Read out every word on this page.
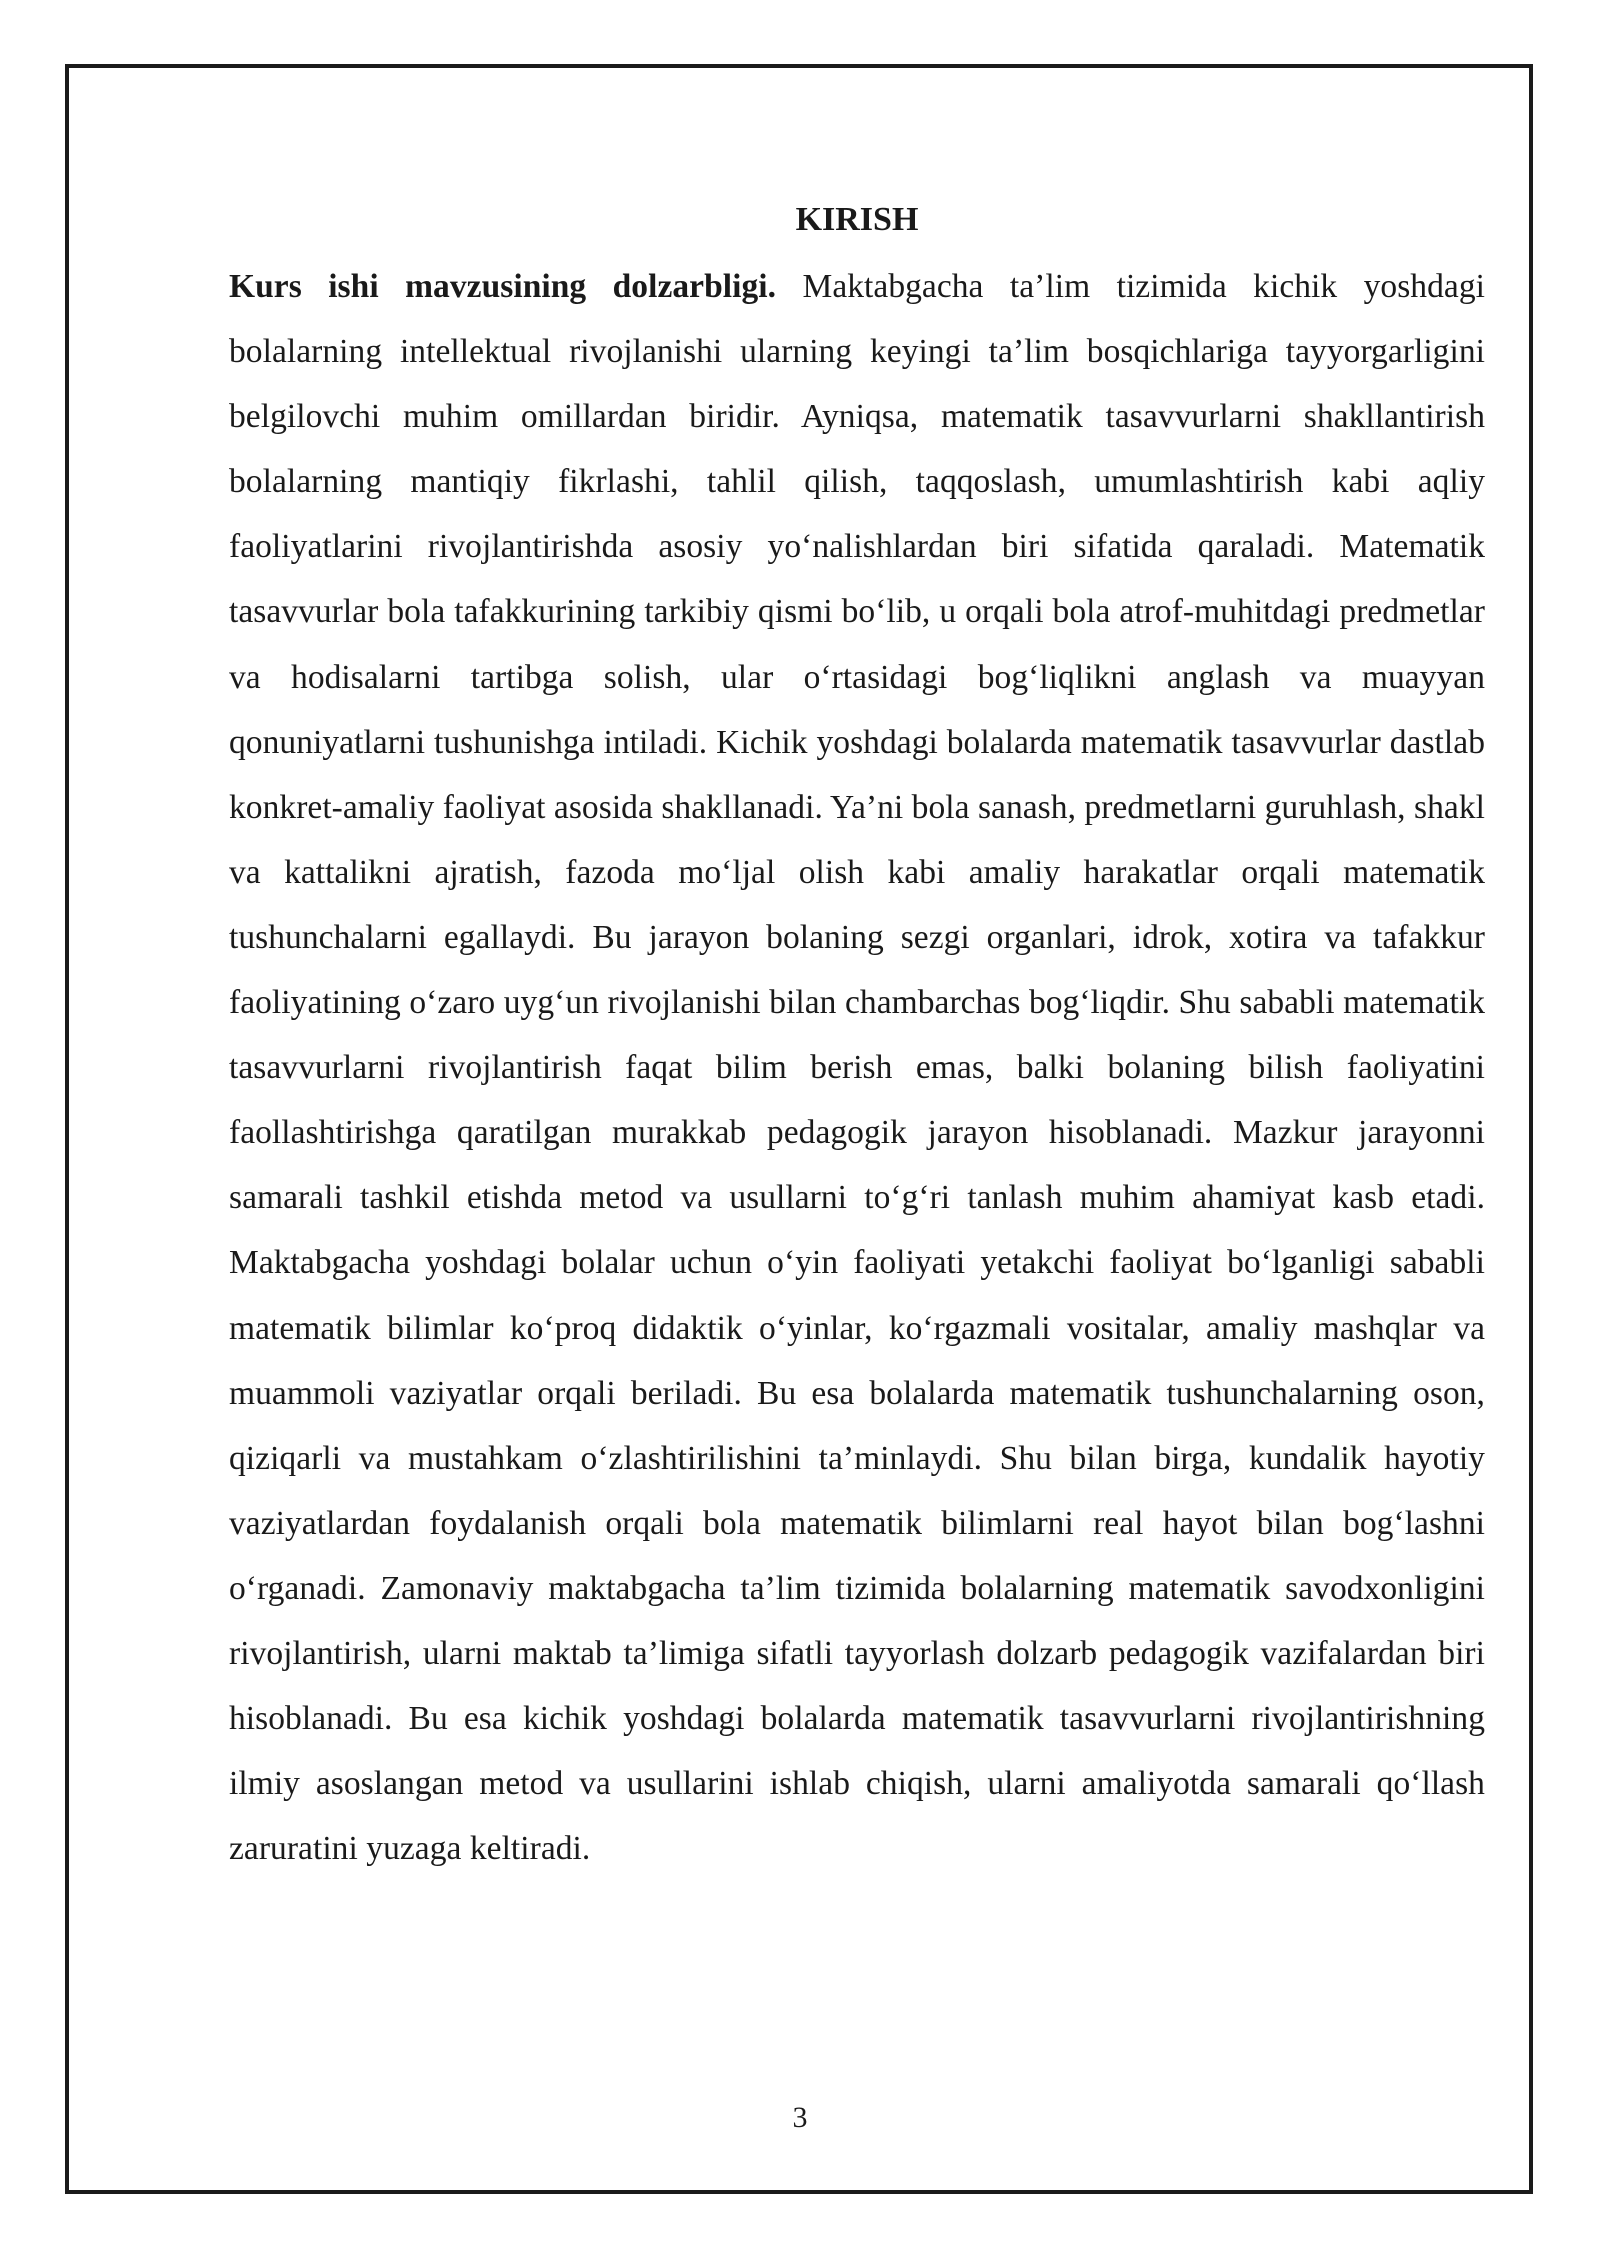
KIRISH

Kurs ishi mavzusining dolzarbligi. Maktabgacha ta’lim tizimida kichik yoshdagi bolalarning intellektual rivojlanishi ularning keyingi ta’lim bosqichlariga tayyorgarligini belgilovchi muhim omillardan biridir. Ayniqsa, matematik tasavvurlarni shakllantirish bolalarning mantiqiy fikrlashi, tahlil qilish, taqqoslash, umumlashtirish kabi aqliy faoliyatlarini rivojlantirishda asosiy yo‘nalishlardan biri sifatida qaraladi. Matematik tasavvurlar bola tafakkurining tarkibiy qismi bo‘lib, u orqali bola atrof-muhitdagi predmetlar va hodisalarni tartibga solish, ular o‘rtasidagi bog‘liqlikni anglash va muayyan qonuniyatlarni tushunishga intiladi. Kichik yoshdagi bolalarda matematik tasavvurlar dastlab konkret-amaliy faoliyat asosida shakllanadi. Ya’ni bola sanash, predmetlarni guruhlash, shakl va kattalikni ajratish, fazoda mo‘ljal olish kabi amaliy harakatlar orqali matematik tushunchalarni egallaydi. Bu jarayon bolaning sezgi organlari, idrok, xotira va tafakkur faoliyatining o‘zaro uyg‘un rivojlanishi bilan chambarchas bog‘liqdir. Shu sababli matematik tasavvurlarni rivojlantirish faqat bilim berish emas, balki bolaning bilish faoliyatini faollashtirishga qaratilgan murakkab pedagogik jarayon hisoblanadi. Mazkur jarayonni samarali tashkil etishda metod va usullarni to‘g‘ri tanlash muhim ahamiyat kasb etadi. Maktabgacha yoshdagi bolalar uchun o‘yin faoliyati yetakchi faoliyat bo‘lganligi sababli matematik bilimlar ko‘proq didaktik o‘yinlar, ko‘rgazmali vositalar, amaliy mashqlar va muammoli vaziyatlar orqali beriladi. Bu esa bolalarda matematik tushunchalarning oson, qiziqarli va mustahkam o‘zlashtirilishini ta’minlaydi. Shu bilan birga, kundalik hayotiy vaziyatlardan foydalanish orqali bola matematik bilimlarni real hayot bilan bog‘lashni o‘rganadi. Zamonaviy maktabgacha ta’lim tizimida bolalarning matematik savodxonligini rivojlantirish, ularni maktab ta’limiga sifatli tayyorlash dolzarb pedagogik vazifalardan biri hisoblanadi. Bu esa kichik yoshdagi bolalarda matematik tasavvurlarni rivojlantirishning ilmiy asoslangan metod va usullarini ishlab chiqish, ularni amaliyotda samarali qo‘llash zaruratini yuzaga keltiradi.

3
